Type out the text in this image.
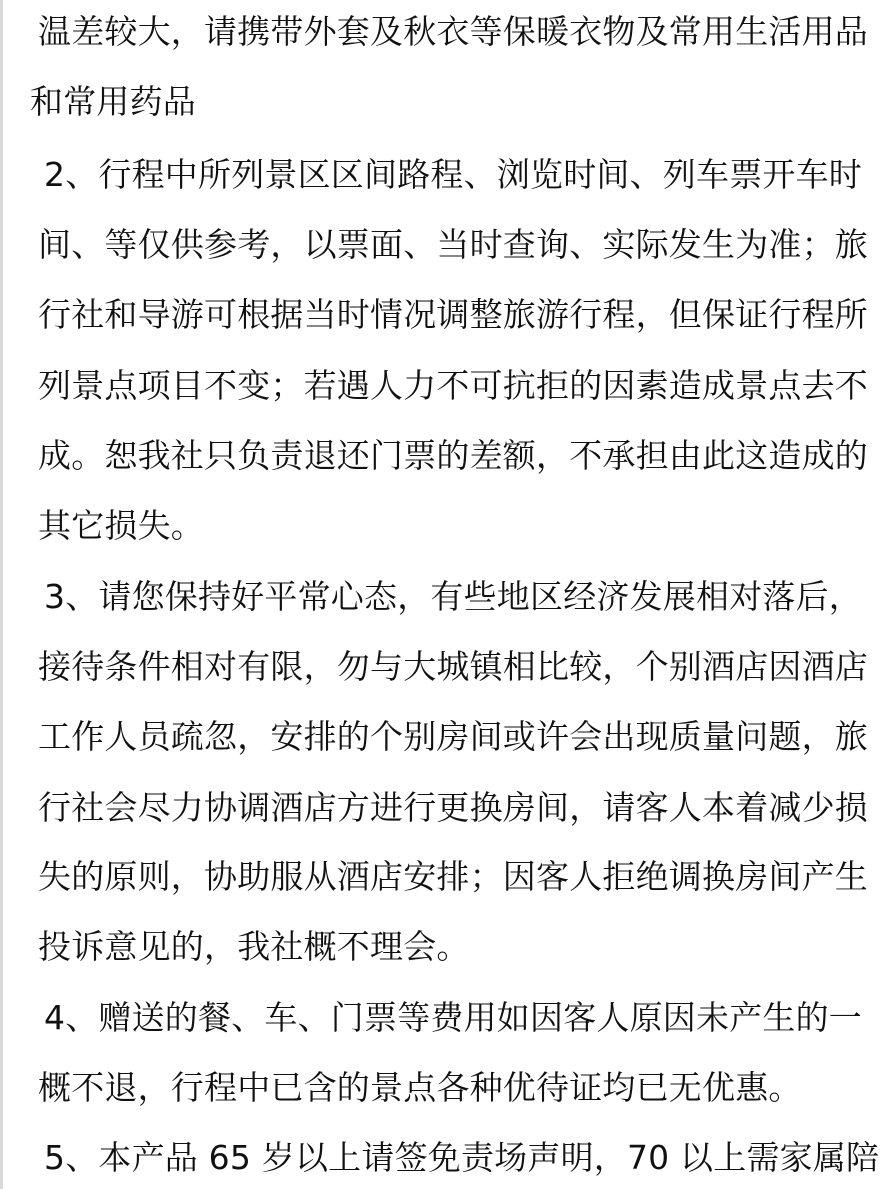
温差较大，请携带外套及秋衣等保暖衣物及常用生活用品
和常用药品
2、行程中所列景区区间路程、浏览时间、列车票开车时
间、等仅供参考，以票面、当时查询、实际发生为准；旅
行社和导游可根据当时情况调整旅游行程，但保证行程所
列景点项目不变；若遇人力不可抗拒的因素造成景点去不
成。恕我社只负责退还门票的差额，不承担由此这造成的
其它损失。
3、请您保持好平常心态，有些地区经济发展相对落后，
接待条件相对有限，勿与大城镇相比较，个别酒店因酒店
工作人员疏忽，安排的个别房间或许会出现质量问题，旅
行社会尽力协调酒店方进行更换房间，请客人本着减少损
失的原则，协助服从酒店安排；因客人拒绝调换房间产生
投诉意见的，我社概不理会。
4、赠送的餐、车、门票等费用如因客人原因未产生的一
概不退，行程中已含的景点各种优待证均已无优惠。
5、本产品 65 岁以上请签免责场声明，70 以上需家属陪
